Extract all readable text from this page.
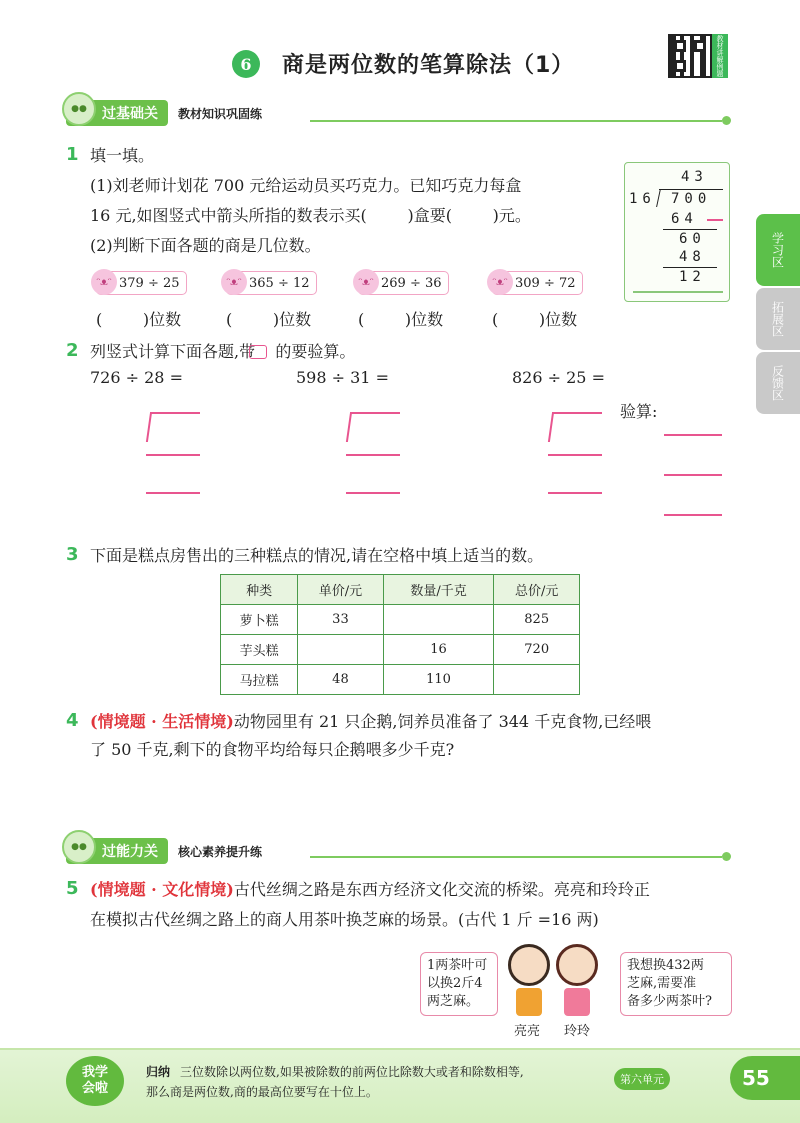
6	商是两位数的笔算除法（1）	教材讲解例题
●●	过基础关	教材知识巩固练
学习区
拓展区
反馈区
1 填一填。
(1)刘老师计划花 700 元给运动员买巧克力。已知巧克力每盒
16 元,如图竖式中箭头所指的数表示买(        )盒要(        )元。
(2)判断下面各题的商是几位数。
43
16 700
64
60
48
12
ᵔᴥᵔ 379 ÷ 25	ᵔᴥᵔ 365 ÷ 12	ᵔᴥᵔ 269 ÷ 36	ᵔᴥᵔ 309 ÷ 72
(        )位数	(        )位数	(        )位数	(        )位数
2 列竖式计算下面各题,带    的要验算。
726 ÷ 28 =	598 ÷ 31 =	826 ÷ 25 =
验算:
3 下面是糕点房售出的三种糕点的情况,请在空格中填上适当的数。
种类	单价/元	数量/千克	总价/元
萝卜糕	33		825
芋头糕		16	720
马拉糕	48	110	
4 (情境题 · 生活情境)动物园里有 21 只企鹅,饲养员准备了 344 千克食物,已经喂
了 50 千克,剩下的食物平均给每只企鹅喂多少千克?
●●	过能力关	核心素养提升练
5 (情境题 · 文化情境)古代丝绸之路是东西方经济文化交流的桥梁。亮亮和玲玲正
在模拟古代丝绸之路上的商人用茶叶换芝麻的场景。(古代 1 斤 =16 两)
1两茶叶可
以换2斤4
两芝麻。
我想换432两
芝麻,需要准
备多少两茶叶?
亮亮 玲玲
我学
会啦
归纳 三位数除以两位数,如果被除数的前两位比除数大或者和除数相等,
那么商是两位数,商的最高位要写在十位上。
第六单元	55
